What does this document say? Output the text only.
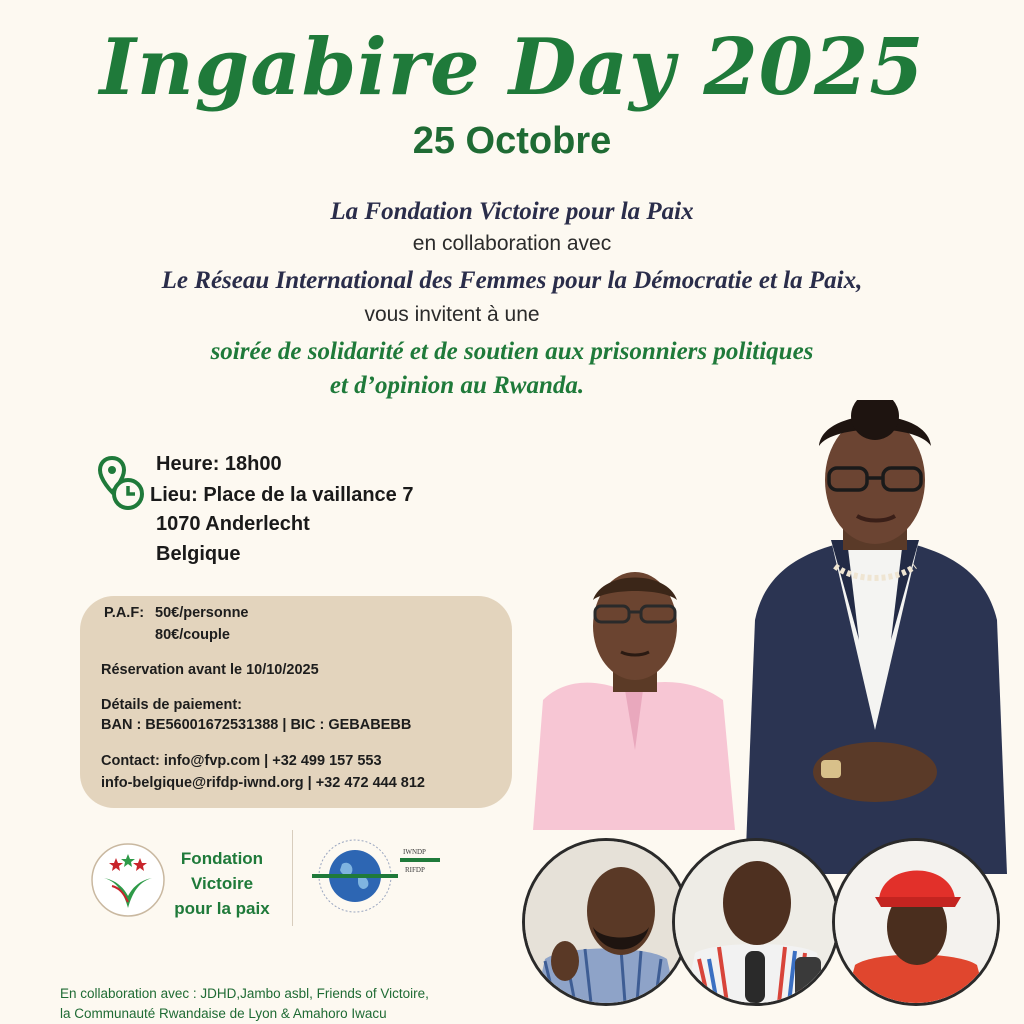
Ingabire Day 2025
25 Octobre
La Fondation Victoire pour la Paix
en collaboration avec
Le Réseau International des Femmes pour la Démocratie et la Paix,
vous invitent à une
soirée de solidarité et de soutien aux prisonniers politiques
et d’opinion au Rwanda.
Heure: 18h00
Lieu: Place de la vaillance 7
1070 Anderlecht
Belgique
P.A.F: 50€/personne
80€/couple
Réservation avant le 10/10/2025
Détails de paiement:
BAN : BE56001672531388 | BIC : GEBABEBB
Contact: info@fvp.com | +32 499 157 553
info-belgique@rifdp-iwnd.org | +32 472 444 812
Fondation
Victoire
pour la paix
IWNDP
RIFDP
En collaboration avec : JDHD,Jambo asbl, Friends of Victoire,
la Communauté Rwandaise de Lyon & Amahoro Iwacu
